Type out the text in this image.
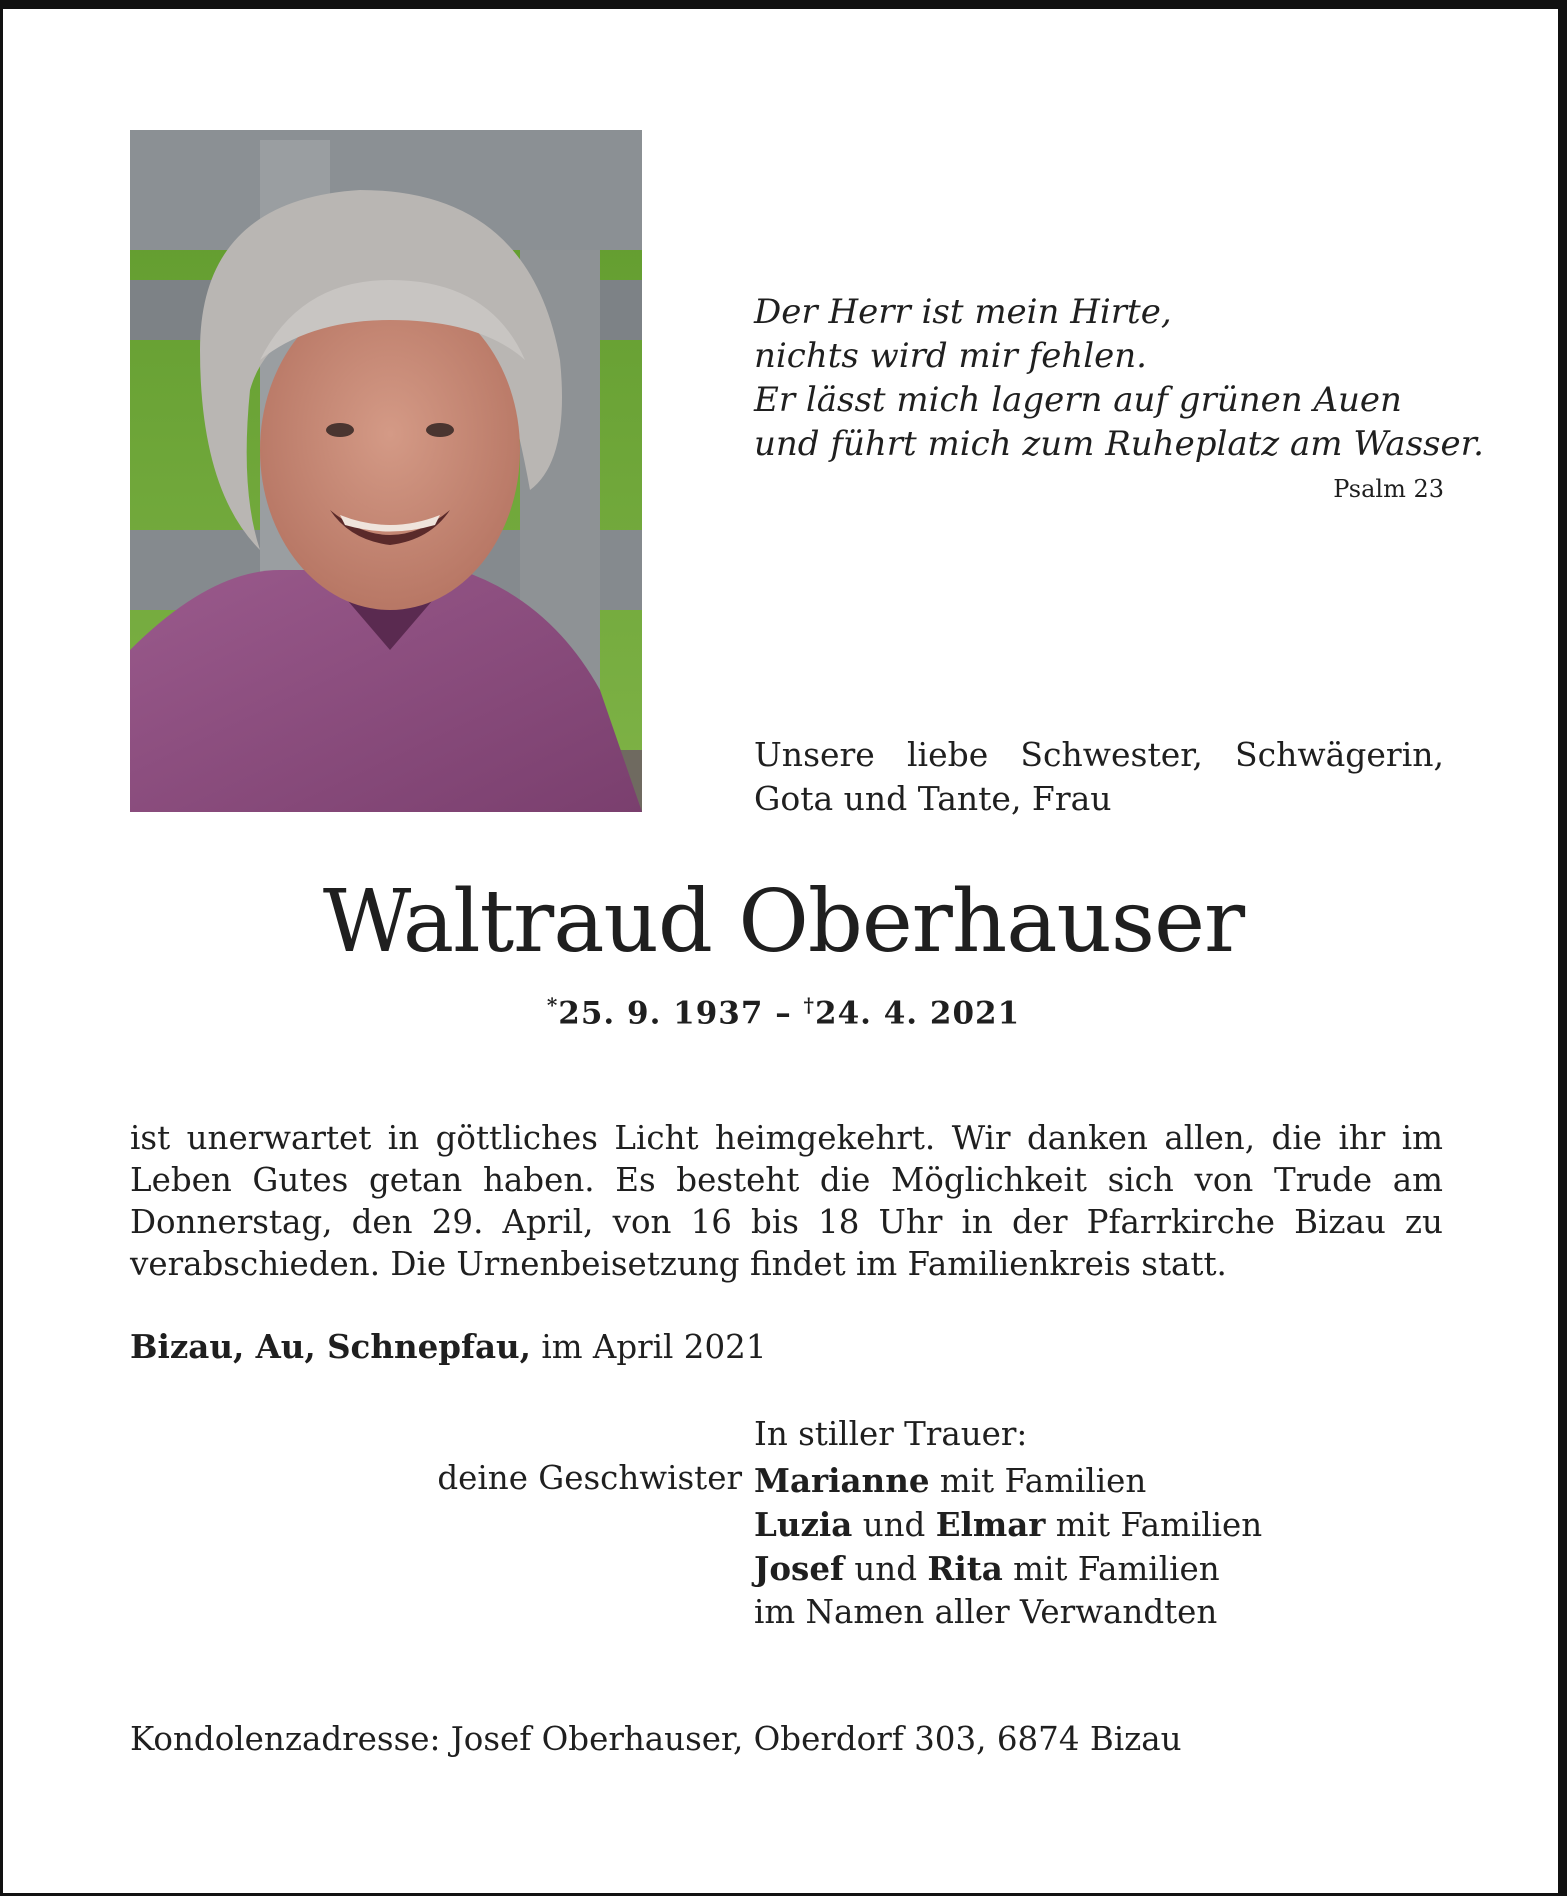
Der Herr ist mein Hirte,
nichts wird mir fehlen.
Er lässt mich lagern auf grünen Auen
und führt mich zum Ruheplatz am Wasser.
Psalm 23
Unsere liebe Schwester, Schwägerin, Gota und Tante, Frau
Waltraud Oberhauser
*25. 9. 1937 – †24. 4. 2021
ist unerwartet in göttliches Licht heimgekehrt. Wir danken allen, die ihr im Leben Gutes getan haben. Es besteht die Möglichkeit sich von Trude am Donnerstag, den 29. April, von 16 bis 18 Uhr in der Pfarrkirche Bizau zu verabschieden. Die Urnenbeisetzung findet im Familienkreis statt.
Bizau, Au, Schnepfau, im April 2021
In stiller Trauer:
deine Geschwister Marianne mit Familien
Luzia und Elmar mit Familien
Josef und Rita mit Familien
im Namen aller Verwandten
Kondolenzadresse: Josef Oberhauser, Oberdorf 303, 6874 Bizau
